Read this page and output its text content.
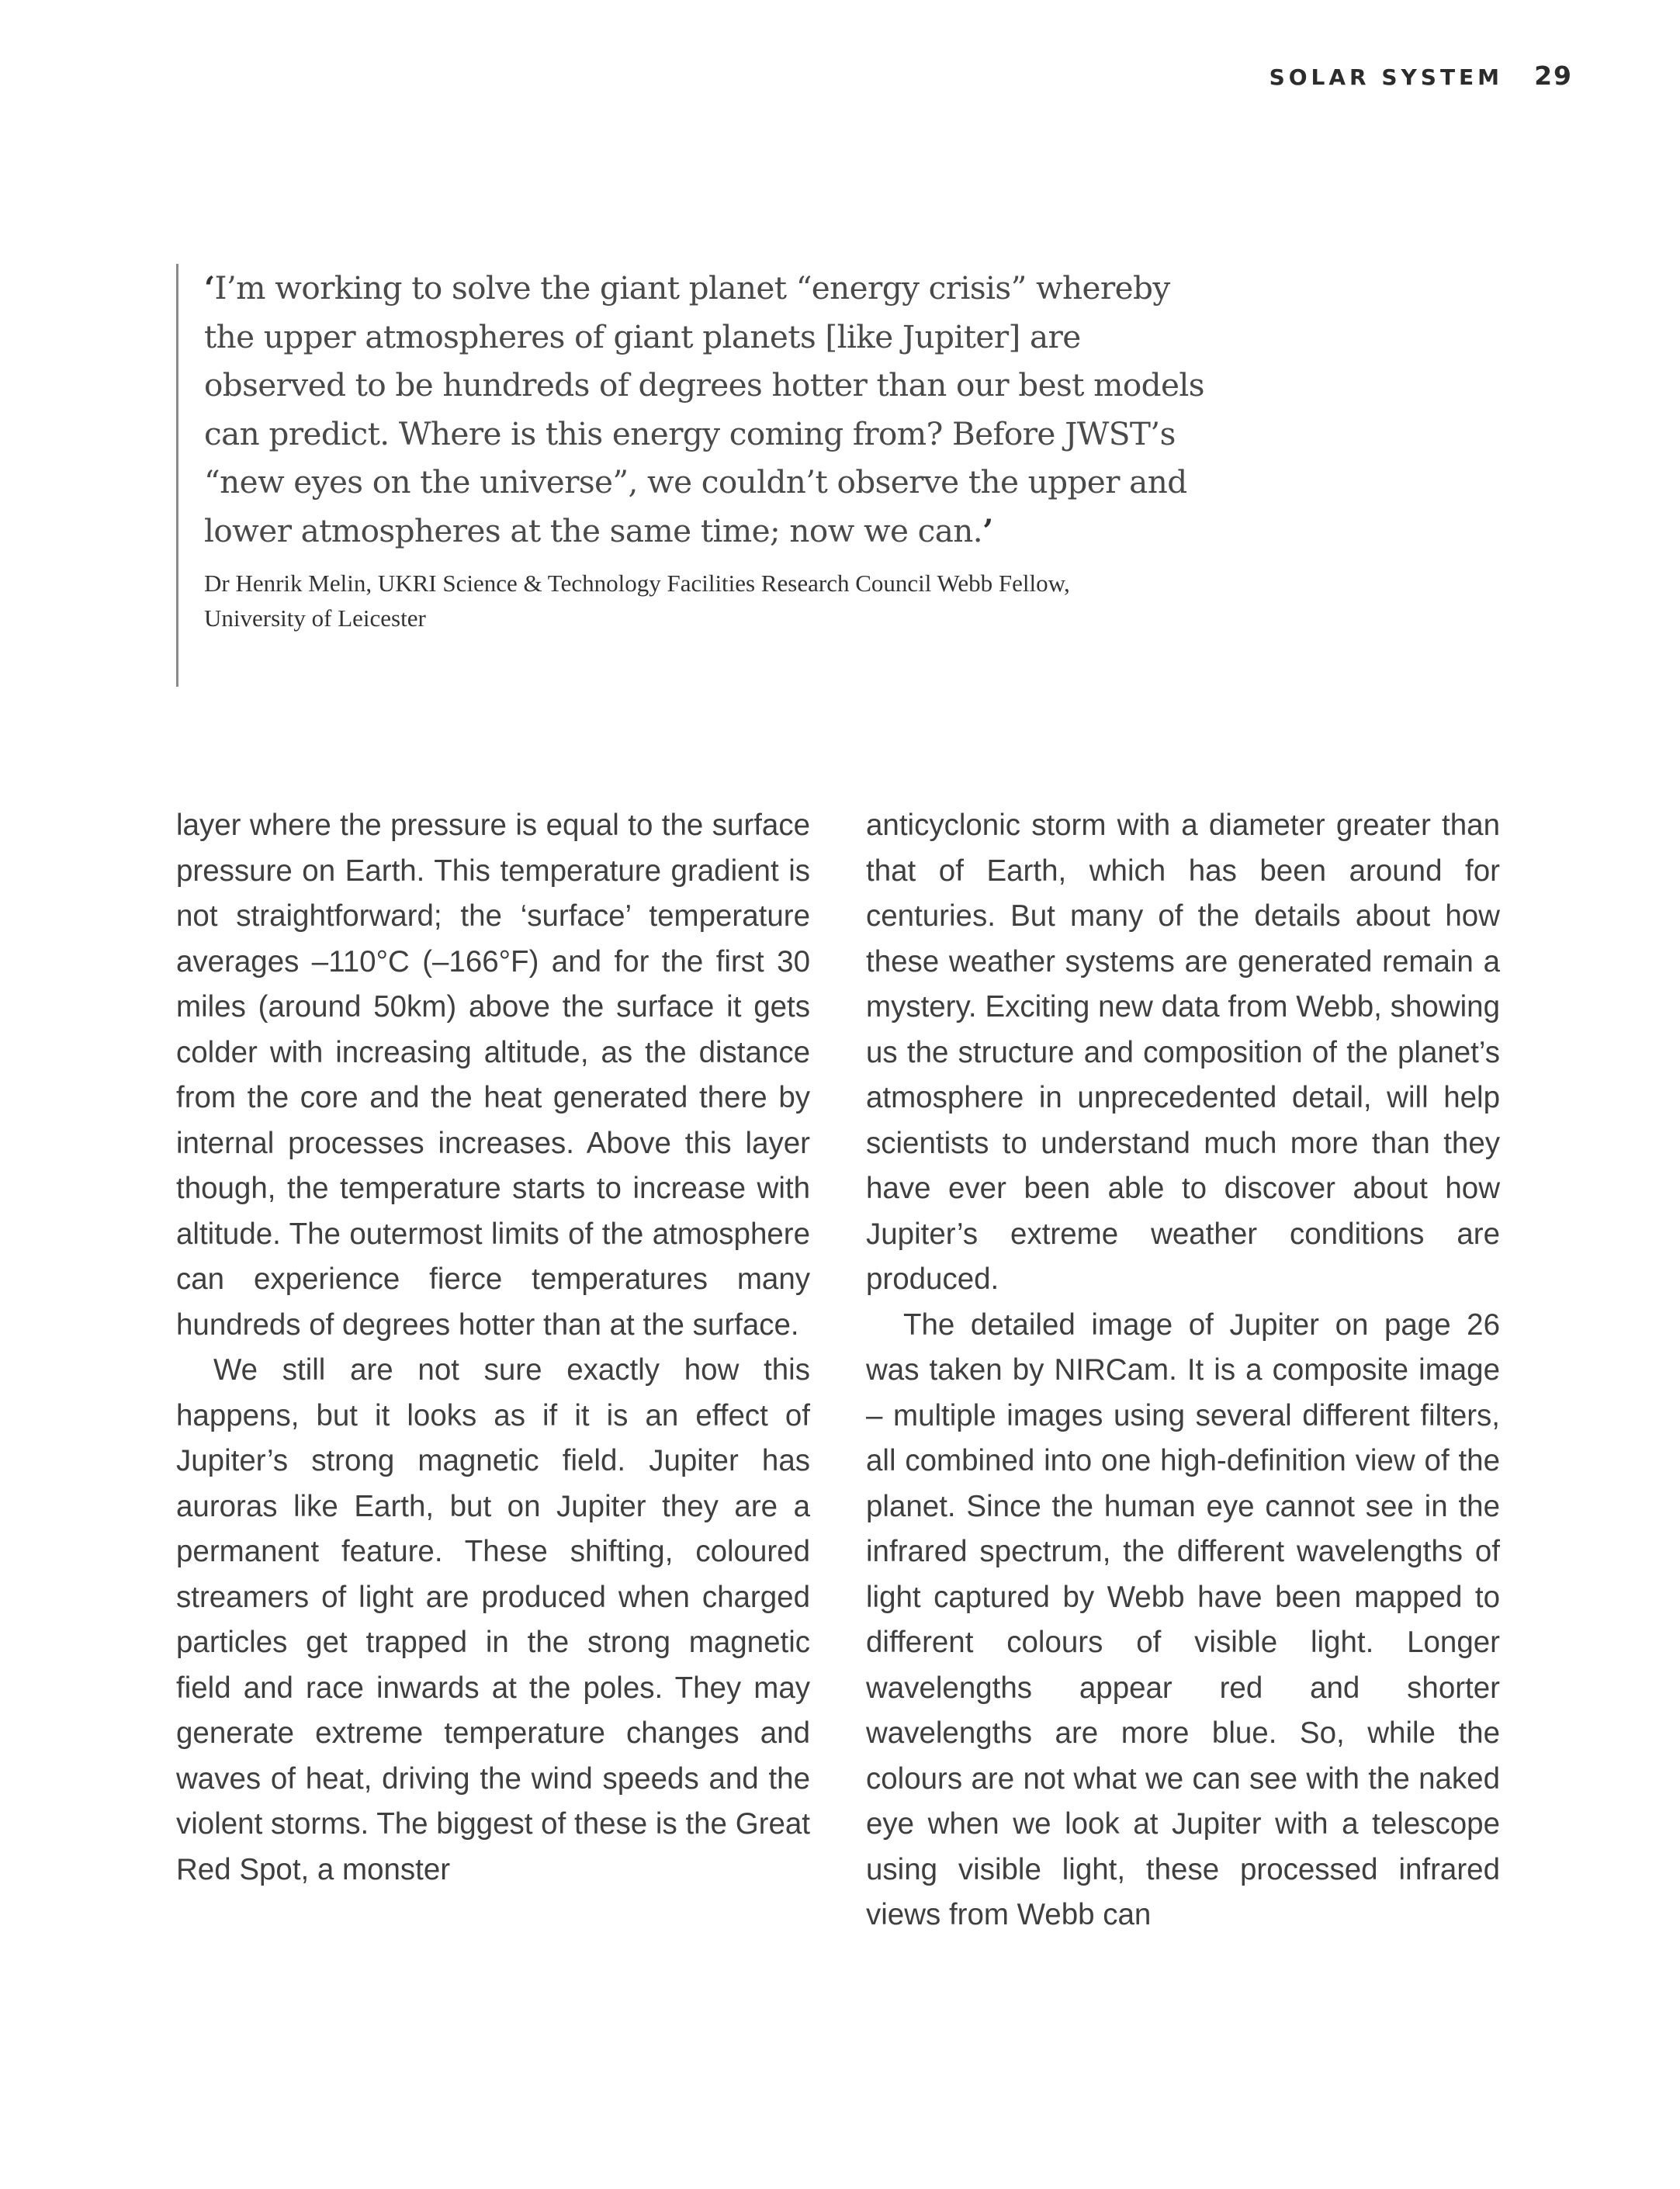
SOLAR SYSTEM 29

‘I’m working to solve the giant planet “energy crisis” whereby the upper atmospheres of giant planets [like Jupiter] are observed to be hundreds of degrees hotter than our best models can predict. Where is this energy coming from? Before JWST’s “new eyes on the universe”, we couldn’t observe the upper and lower atmospheres at the same time; now we can.’

Dr Henrik Melin, UKRI Science & Technology Facilities Research Council Webb Fellow, University of Leicester

layer where the pressure is equal to the surface pressure on Earth. This temperature gradient is not straightforward; the ‘surface’ temperature averages –110°C (–166°F) and for the first 30 miles (around 50km) above the surface it gets colder with increasing altitude, as the distance from the core and the heat generated there by internal processes increases. Above this layer though, the temperature starts to increase with altitude. The outermost limits of the atmosphere can experience fierce temperatures many hundreds of degrees hotter than at the surface.

We still are not sure exactly how this happens, but it looks as if it is an effect of Jupiter’s strong magnetic field. Jupiter has auroras like Earth, but on Jupiter they are a permanent feature. These shifting, coloured streamers of light are produced when charged particles get trapped in the strong magnetic field and race inwards at the poles. They may generate extreme temperature changes and waves of heat, driving the wind speeds and the violent storms. The biggest of these is the Great Red Spot, a monster

anticyclonic storm with a diameter greater than that of Earth, which has been around for centuries. But many of the details about how these weather systems are generated remain a mystery. Exciting new data from Webb, showing us the structure and composition of the planet’s atmosphere in unprecedented detail, will help scientists to understand much more than they have ever been able to discover about how Jupiter’s extreme weather conditions are produced.

The detailed image of Jupiter on page 26 was taken by NIRCam. It is a composite image – multiple images using several different filters, all combined into one high-definition view of the planet. Since the human eye cannot see in the infrared spectrum, the different wavelengths of light captured by Webb have been mapped to different colours of visible light. Longer wavelengths appear red and shorter wavelengths are more blue. So, while the colours are not what we can see with the naked eye when we look at Jupiter with a telescope using visible light, these processed infrared views from Webb can
